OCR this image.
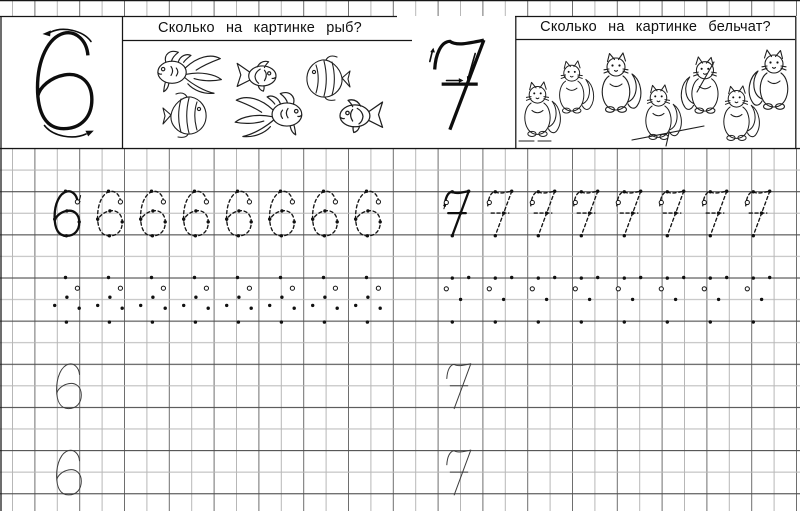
Сколько на картинке рыб?	Сколько на картинке бельчат?
